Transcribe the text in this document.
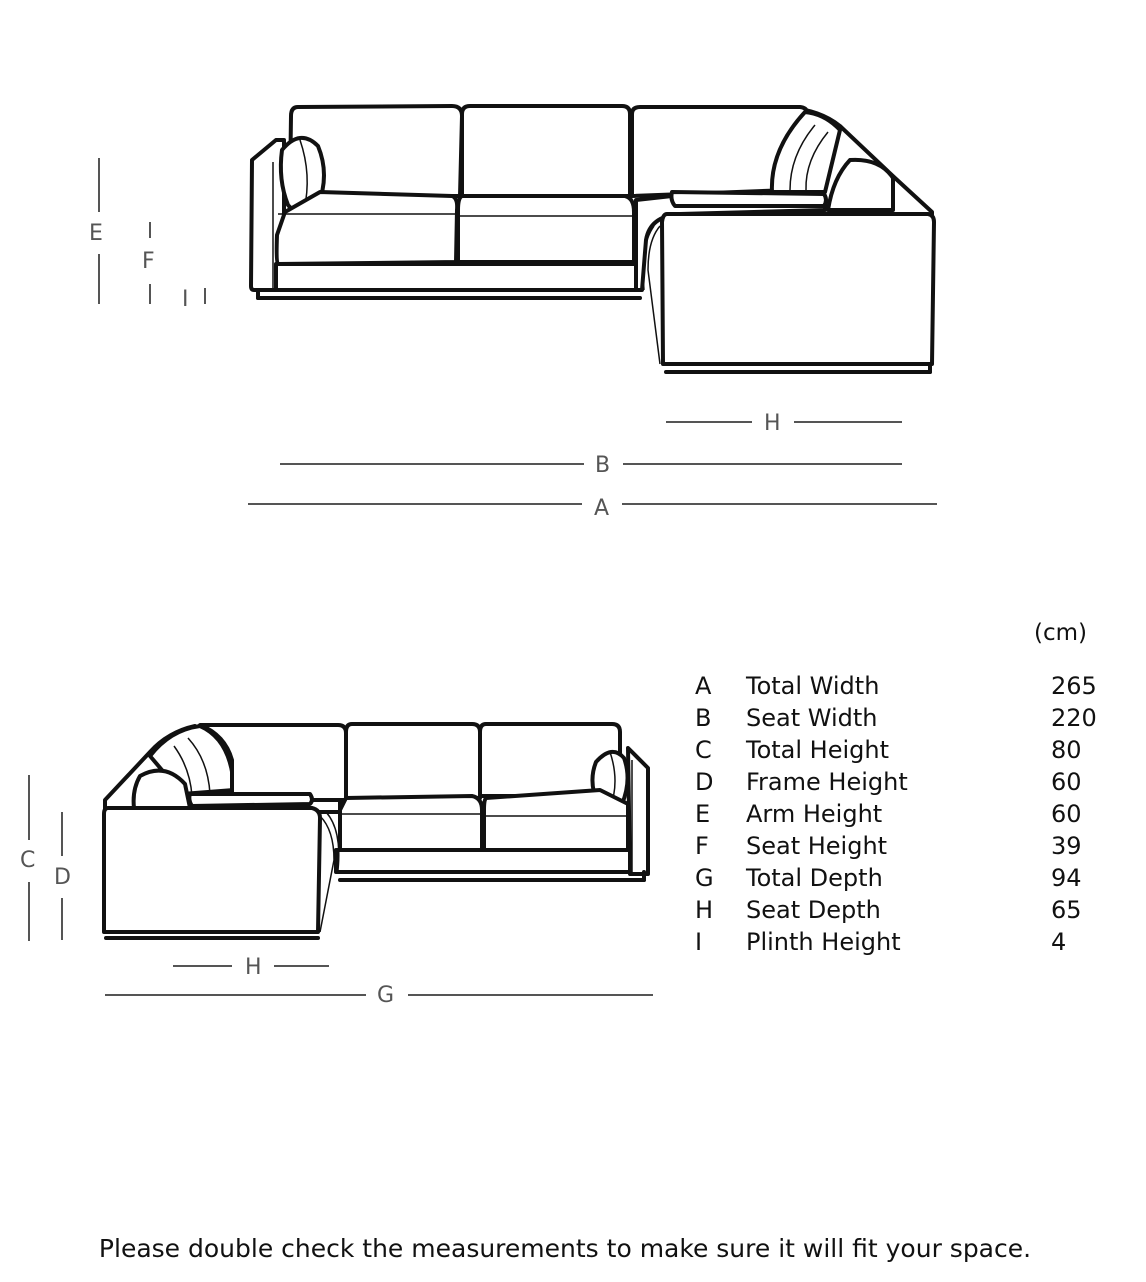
E
F
I
H
B
A
C
D
H
G
(cm)
A	Total Width	265
B	Seat Width	220
C	Total Height	80
D	Frame Height	60
E	Arm Height	60
F	Seat Height	39
G	Total Depth	94
H	Seat Depth	65
I	Plinth Height	4
Please double check the measurements to make sure it will fit your space.
